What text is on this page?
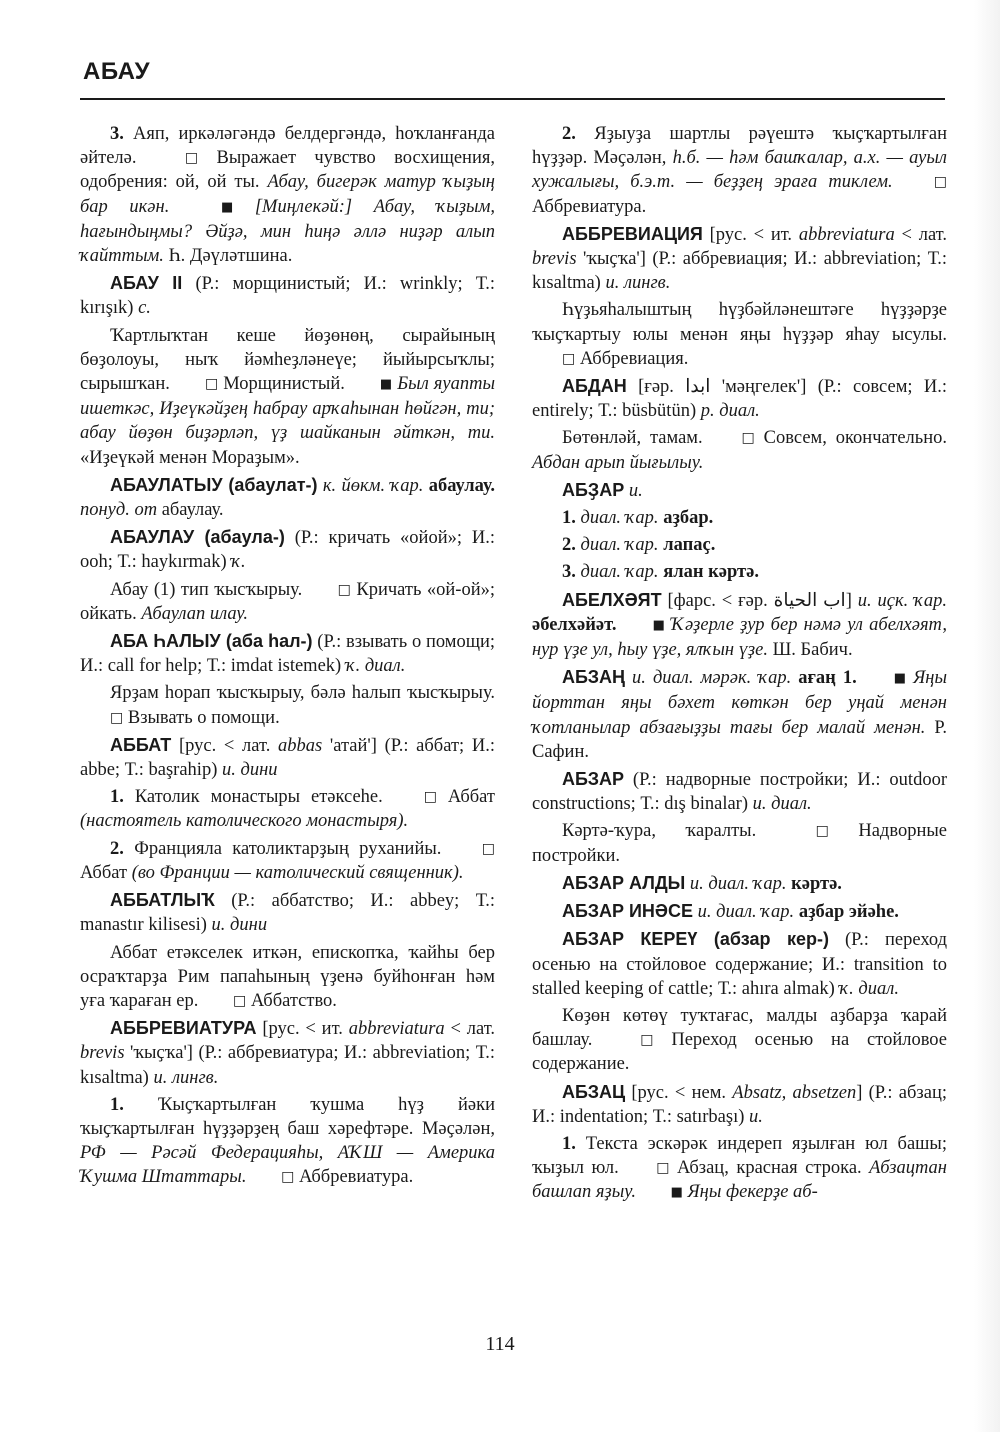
АБАУ

3. Аяп, иркәләгәндә белдергәндә, һоҡланғанда әйтелә. □ Выражает чувство восхищения, одобрения: ой, ой ты. Абау, бигерәк матур ҡыҙың бар икән.	■ [Миңлекәй:] Абау, ҡыҙым, һағындыңмы? Әйҙә, мин һиңә әллә ниҙәр алып ҡайттым. Һ. Дәүләтшина.

АБАУ II (Р.: морщинистый; И.: wrinkly; Т.: kırışık) с.

Ҡартлыҡтан кеше йөҙөнөң, сырайының бөҙолоуы, ныҡ йәмһеҙләнеүе; йыйырсыҡлы; сырышҡан. □ Морщинистый. ■ Был яуапты ишеткәс, Иҙеүкәйҙең һабрау арҡаһынан һөйгән, ти; абау йөҙөн биҙәрләп, үҙ шайканын әйткән, ти. «Иҙеүкәй менән Мораҙым».

АБАУЛАТЫУ (абаулат-) к. йөкм. ҡар. абаулау. понуд. от абаулау.

АБАУЛАУ (абаула-) (Р.: кричать «ойой»; И.: ooh; Т.: haykırmak) ҡ.

Абау (1) тип ҡысҡырыу. □ Кричать «ой-ой»; ойкать. Абаулап илау.

АБА ҺАЛЫУ (аба һал-) (Р.: взывать о помощи; И.: call for help; Т.: imdat istemek) ҡ. диал.

Ярҙам һорап ҡысҡырыу, бәлә һалып ҡысҡырыу. □ Взывать о помощи.

АББАТ [рус. < лат. abbas 'атай'] (Р.: аббат; И.: abbe; Т.: başrahip) и. дини

1. Католик монастыры етәксеһе. □ Аббат (настоятель католического монастыря).

2. Францияла католиктарҙың руханийы. □ Аббат (во Франции — католический священник).

АББАТЛЫҠ (Р.: аббатство; И.: abbey; Т.: manastır kilisesi) и. дини

Аббат етәкселек иткән, епископҡа, ҡайһы бер осраҡтарҙа Рим папаһының үҙенә буйһонған һәм уға ҡараған ер. □ Аббатство.

АББРЕВИАТУРА [рус. < ит. abbreviatura < лат. brevis 'ҡыҫҡа'] (Р.: аббревиатура; И.: abbreviation; Т.: kısaltma) и. лингв.

1. Ҡыҫҡартылған ҡушма һүҙ йәки ҡыҫҡартылған һүҙҙәрҙең баш хәрефтәре. Мәҫәлән, РФ — Рәсәй Федерацияһы, АҠШ — Америка Ҡушма Штаттары. □ Аббревиатура.

2. Яҙыуҙа шартлы рәүештә ҡыҫҡартылған һүҙҙәр. Мәҫәлән, һ.б. — һәм башҡалар, а.х. — ауыл хужалығы, б.э.т. — беҙҙең эраға тиклем.	□ Аббревиатура.

АББРЕВИАЦИЯ [рус. < ит. abbreviatura < лат. brevis 'ҡыҫҡа'] (Р.: аббревиация; И.: abbreviation; Т.: kısaltma) и. лингв.

Һүҙьяһалыштың һүҙбәйләнештәге һүҙҙәрҙе ҡыҫҡартыу юлы менән яңы һүҙҙәр яһау ысулы. □ Аббревиация.

АБДАН [ғәр. ابدا 'мәңгелек'] (Р.: совсем; И.: entirely; Т.: büsbütün) р. диал.

Бөтөнләй, тамам. □ Совсем, окончательно. Абдан арып йығылыу.

АБҘАР и.

1. диал. ҡар. аҙбар.

2. диал. ҡар. лапаҫ.

3. диал. ҡар. ялан кәртә.

АБЕЛХӘЯТ [фарс. < ғәр. اب الحياة] и. иҫк. ҡар. әбелхәйәт.	■ Ҡәҙерле ҙур бер нәмә ул абелхәят, нур үҙе ул, һыу үҙе, ялҡын үҙе. Ш. Бабич.

АБЗАҢ и. диал. мәрәк. ҡар. ағаң 1.	■ Яңы йорттан яңы бәхет көткән бер уңай менән ҡотланылар абзағыҙҙы тағы бер малай менән. Р. Сафин.

АБЗАР (Р.: надворные постройки; И.: outdoor constructions; Т.: dış binalar) и. диал.

Кәртә-ҡура, ҡаралты. □ Надворные постройки.

АБЗАР АЛДЫ и. диал. ҡар. кәртә.

АБЗАР ИНӘСЕ и. диал. ҡар. аҙбар эйәһе.

АБЗАР КЕРЕҮ (абзар кер-) (Р.: переход осенью на стойловое содержание; И.: transition to stalled keeping of cattle; Т.: ahıra almak) ҡ. диал.

Көҙөн көтөү туҡтағас, малды аҙбарҙа ҡарай башлау. □ Переход осенью на стойловое содержание.

АБЗАЦ [рус. < нем. Absatz, absetzen] (Р.: абзац; И.: indentation; Т.: satırbaşı) и.

1. Текста эскәрәк индереп яҙылған юл башы; ҡыҙыл юл. □ Абзац, красная строка. Абзацтан башлап яҙыу.	■ Яңы фекерҙе аб-

114
